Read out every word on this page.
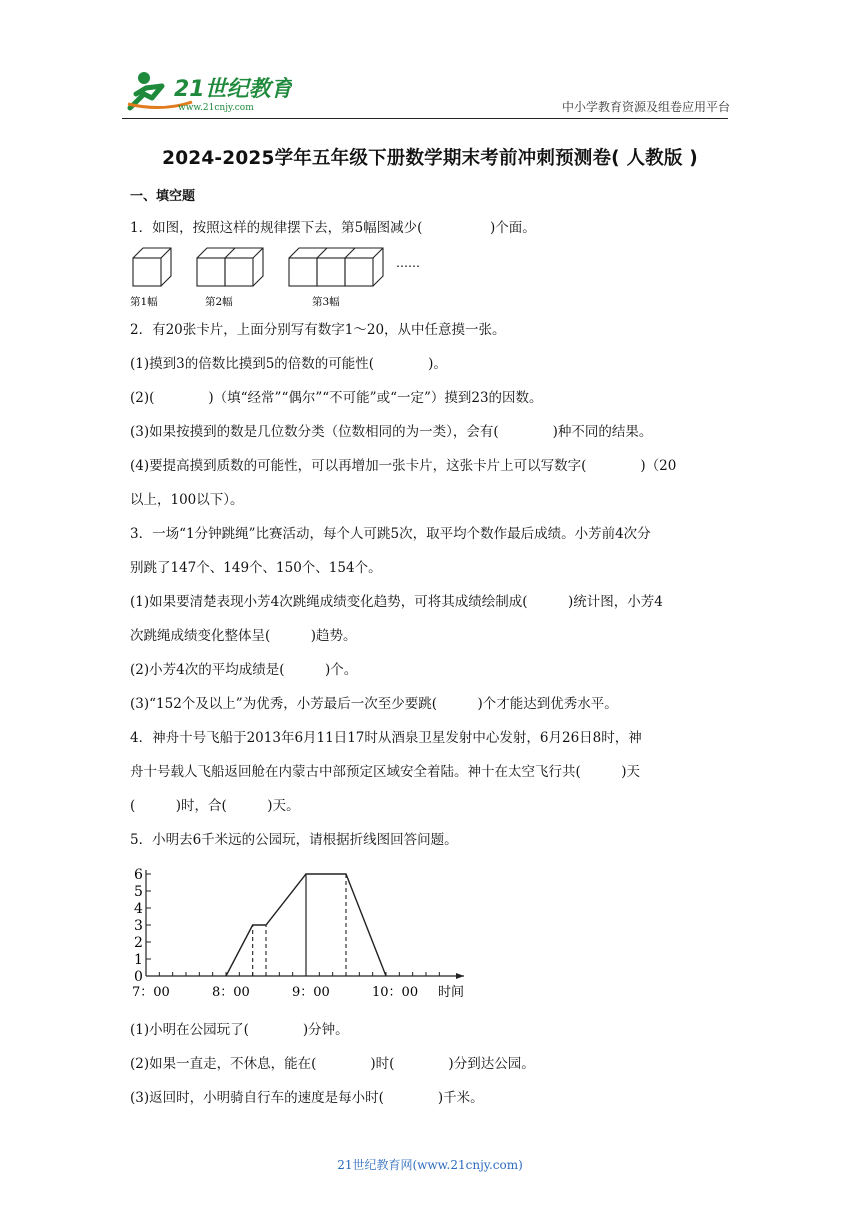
21世纪教育
www.21cnjy.com	中小学教育资源及组卷应用平台
2024-2025学年五年级下册数学期末考前冲刺预测卷( 人教版 )
一、填空题
1．如图，按照这样的规律摆下去，第5幅图减少(　　　　　)个面。
……
第1幅	第2幅	第3幅
2．有20张卡片，上面分别写有数字1～20，从中任意摸一张。
(1)摸到3的倍数比摸到5的倍数的可能性(　　　　)。
(2)(　　　　)（填“经常”“偶尔”“不可能”或“一定”）摸到23的因数。
(3)如果按摸到的数是几位数分类（位数相同的为一类），会有(　　　　)种不同的结果。
(4)要提高摸到质数的可能性，可以再增加一张卡片，这张卡片上可以写数字(　　　　)（20
以上，100以下）。
3．一场“1分钟跳绳”比赛活动，每个人可跳5次，取平均个数作最后成绩。小芳前4次分
别跳了147个、149个、150个、154个。
(1)如果要清楚表现小芳4次跳绳成绩变化趋势，可将其成绩绘制成(　　　)统计图，小芳4
次跳绳成绩变化整体呈(　　　)趋势。
(2)小芳4次的平均成绩是(　　　)个。
(3)“152个及以上”为优秀，小芳最后一次至少要跳(　　　)个才能达到优秀水平。
4．神舟十号飞船于2013年6月11日17时从酒泉卫星发射中心发射，6月26日8时，神
舟十号载人飞船返回舱在内蒙古中部预定区域安全着陆。神十在太空飞行共(　　　)天
(　　　)时，合(　　　)天。
5．小明去6千米远的公园玩，请根据折线图回答问题。
0
1
2
3
4
5
6
7：00	8：00	9：00	10：00 时间
(1)小明在公园玩了(　　　　)分钟。
(2)如果一直走，不休息，能在(　　　　)时(　　　　)分到达公园。
(3)返回时，小明骑自行车的速度是每小时(　　　　)千米。
21世纪教育网(www.21cnjy.com)
